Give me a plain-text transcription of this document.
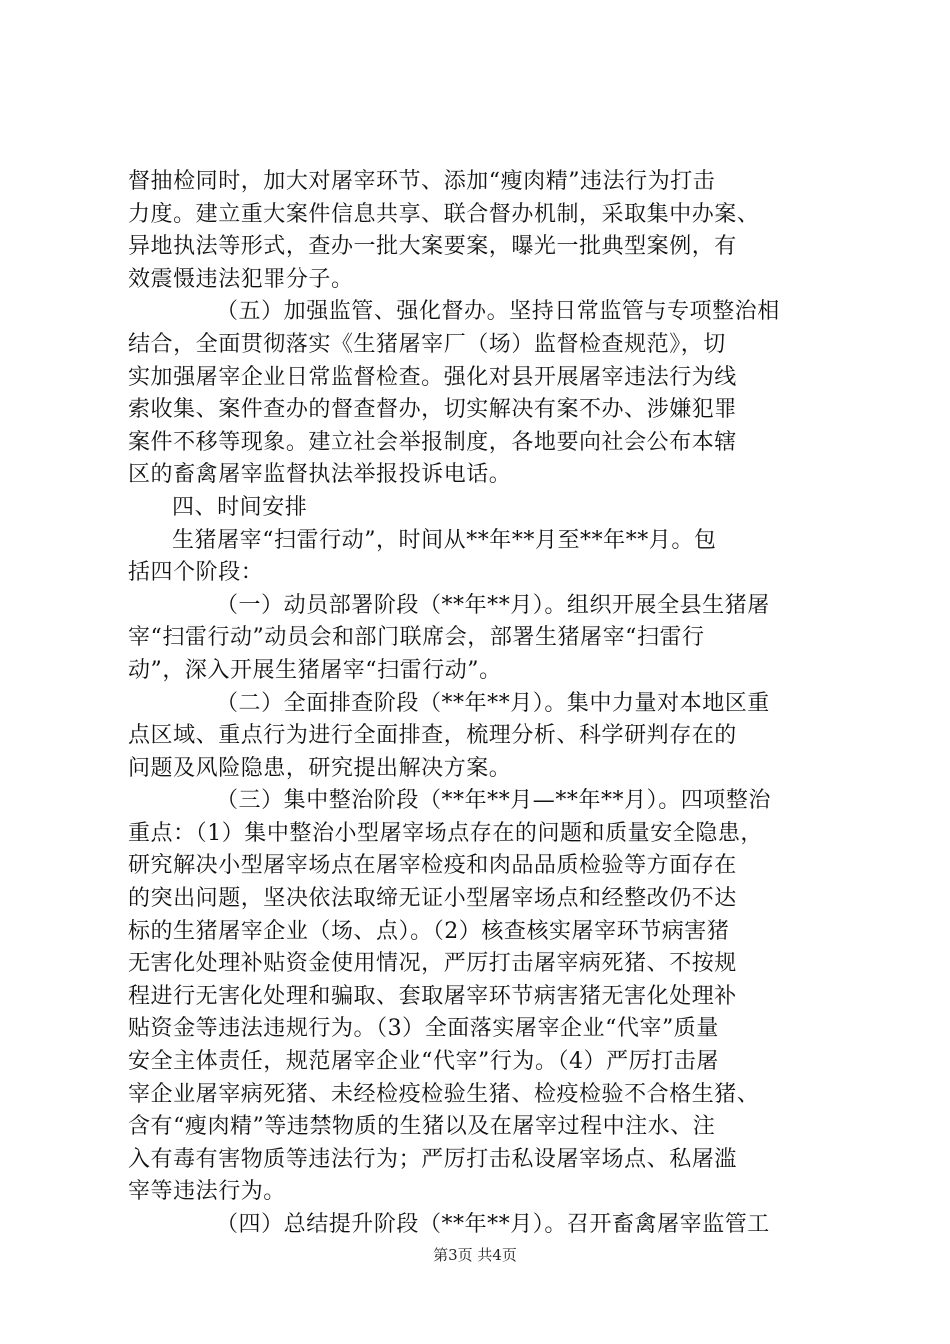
督抽检同时，加大对屠宰环节、添加“瘦肉精”违法行为打击
力度。建立重大案件信息共享、联合督办机制，采取集中办案、
异地执法等形式，查办一批大案要案，曝光一批典型案例，有
效震慑违法犯罪分子。
（五）加强监管、强化督办。坚持日常监管与专项整治相
结合，全面贯彻落实《生猪屠宰厂（场）监督检查规范》，切
实加强屠宰企业日常监督检查。强化对县开展屠宰违法行为线
索收集、案件查办的督查督办，切实解决有案不办、涉嫌犯罪
案件不移等现象。建立社会举报制度，各地要向社会公布本辖
区的畜禽屠宰监督执法举报投诉电话。
四、时间安排
生猪屠宰“扫雷行动”，时间从**年**月至**年**月。包
括四个阶段：
（一）动员部署阶段（**年**月）。组织开展全县生猪屠
宰“扫雷行动”动员会和部门联席会，部署生猪屠宰“扫雷行
动”，深入开展生猪屠宰“扫雷行动”。
（二）全面排查阶段（**年**月）。集中力量对本地区重
点区域、重点行为进行全面排查，梳理分析、科学研判存在的
问题及风险隐患，研究提出解决方案。
（三）集中整治阶段（**年**月—**年**月）。四项整治
重点：（1）集中整治小型屠宰场点存在的问题和质量安全隐患，
研究解决小型屠宰场点在屠宰检疫和肉品品质检验等方面存在
的突出问题，坚决依法取缔无证小型屠宰场点和经整改仍不达
标的生猪屠宰企业（场、点）。（2）核查核实屠宰环节病害猪
无害化处理补贴资金使用情况，严厉打击屠宰病死猪、不按规
程进行无害化处理和骗取、套取屠宰环节病害猪无害化处理补
贴资金等违法违规行为。（3）全面落实屠宰企业“代宰”质量
安全主体责任，规范屠宰企业“代宰”行为。（4）严厉打击屠
宰企业屠宰病死猪、未经检疫检验生猪、检疫检验不合格生猪、
含有“瘦肉精”等违禁物质的生猪以及在屠宰过程中注水、注
入有毒有害物质等违法行为；严厉打击私设屠宰场点、私屠滥
宰等违法行为。
（四）总结提升阶段（**年**月）。召开畜禽屠宰监管工
第3页 共4页
